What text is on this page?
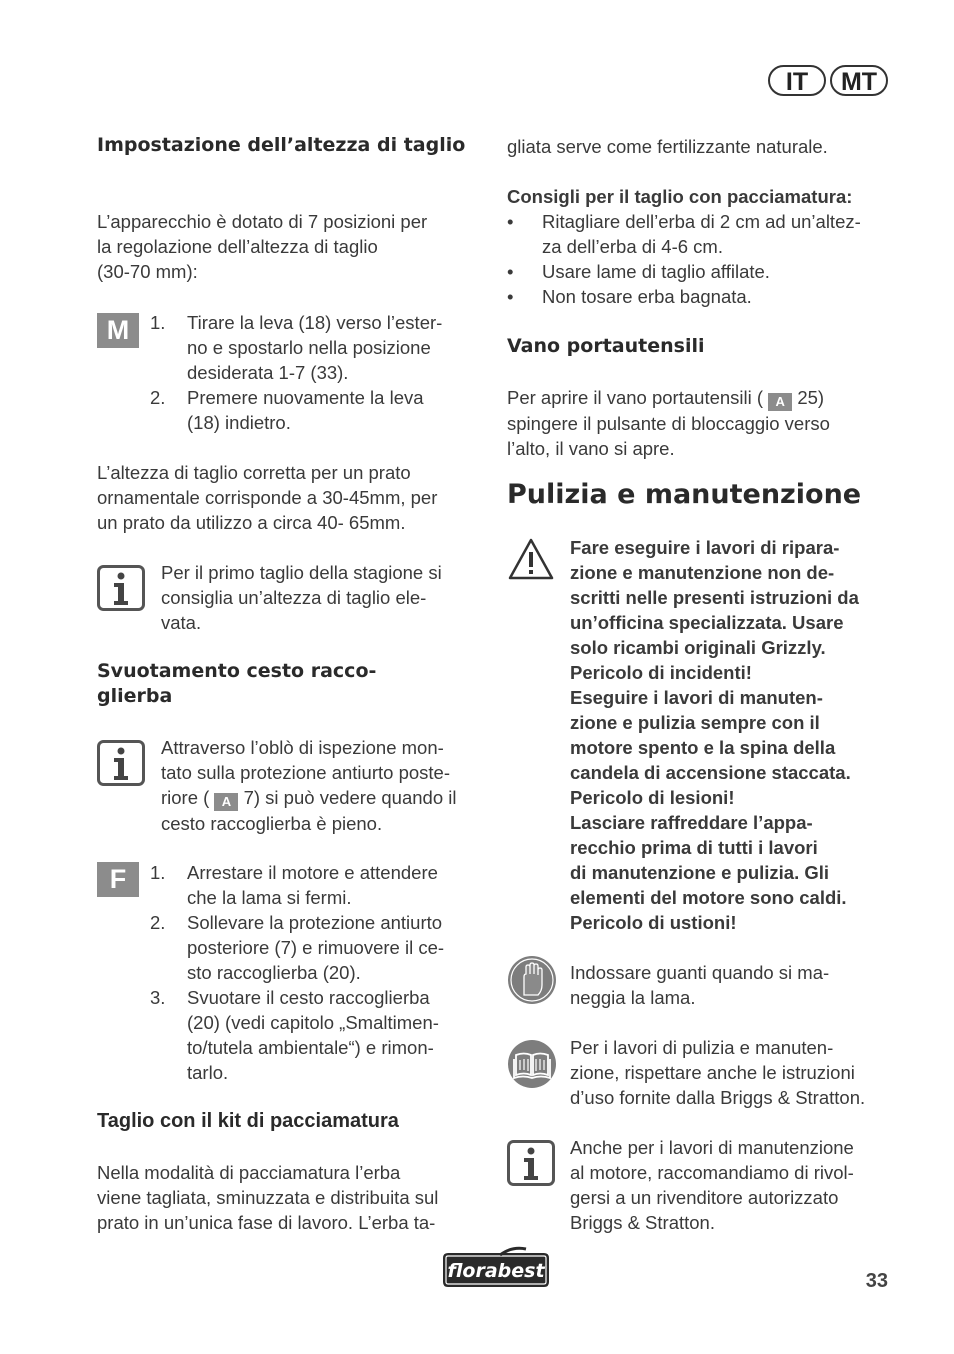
IT	MT

Impostazione dell’altezza di taglio

L’apparecchio è dotato di 7 posizioni per

la regolazione dell’altezza di taglio

(30-70 mm):

M	1. Tirare la leva (18) verso l’ester-
no e spostarlo nella posizione
desiderata 1-7 (33).
2. Premere nuovamente la leva
(18) indietro.

L’altezza di taglio corretta per un prato

ornamentale corrisponde a 30-45mm, per

un prato da utilizzo a circa 40- 65mm.

Per il primo taglio della stagione si

consiglia un’altezza di taglio ele-

vata.

Svuotamento cesto racco-

glierba

Attraverso l’oblò di ispezione mon-

tato sulla protezione antiurto poste-

riore ( A 7) si può vedere quando il

cesto raccoglierba è pieno.

F	1. Arrestare il motore e attendere
che la lama si fermi.
2. Sollevare la protezione antiurto
posteriore (7) e rimuovere il ce-
sto raccoglierba (20).
3. Svuotare il cesto raccoglierba
(20) (vedi capitolo „Smaltimen-
to/tutela ambientale“) e rimon-
tarlo.

Taglio con il kit di pacciamatura

Nella modalità di pacciamatura l’erba

viene tagliata, sminuzzata e distribuita sul

prato in un’unica fase di lavoro. L’erba ta-

gliata serve come fertilizzante naturale.

Consigli per il taglio con pacciamatura:

• Ritagliare dell’erba di 2 cm ad un’altez-
za dell’erba di 4-6 cm.
• Usare lame di taglio affilate.
• Non tosare erba bagnata.

Vano portautensili

Per aprire il vano portautensili ( A 25)

spingere il pulsante di bloccaggio verso

l’alto, il vano si apre.

Pulizia e manutenzione

Fare eseguire i lavori di ripara-

zione e manutenzione non de-

scritti nelle presenti istruzioni da

un’officina specializzata. Usare

solo ricambi originali Grizzly.

Pericolo di incidenti!

Eseguire i lavori di manuten-

zione e pulizia sempre con il

motore spento e la spina della

candela di accensione staccata.

Pericolo di lesioni!

Lasciare raffreddare l’appa-

recchio prima di tutti i lavori

di manutenzione e pulizia. Gli

elementi del motore sono caldi.

Pericolo di ustioni!

Indossare guanti quando si ma-

neggia la lama.

Per i lavori di pulizia e manuten-

zione, rispettare anche le istruzioni

d’uso fornite dalla Briggs & Stratton.

Anche per i lavori di manutenzione

al motore, raccomandiamo di rivol-

gersi a un rivenditore autorizzato

Briggs & Stratton.

florabest	33
